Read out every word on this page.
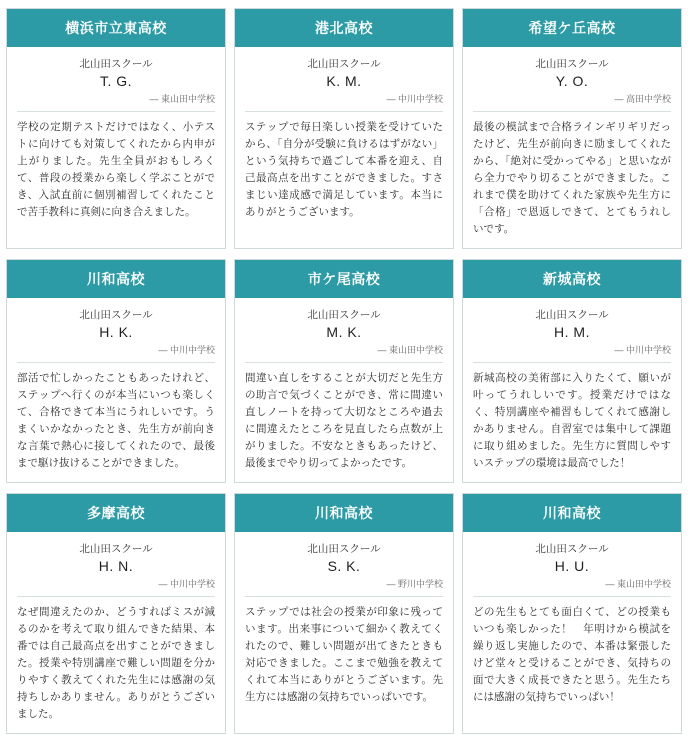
横浜市立東高校
北山田スクール
T. G.
— 東山田中学校
学校の定期テストだけではなく、小テストに向けても対策してくれたから内申が上がりました。先生全員がおもしろくて、普段の授業から楽しく学ぶことができ、入試直前に個別補習してくれたことで苦手教科に真剣に向き合えました。
港北高校
北山田スクール
K. M.
— 中川中学校
ステップで毎日楽しい授業を受けていたから、「自分が受験に負けるはずがない」という気持ちで過ごして本番を迎え、自己最高点を出すことができました。すさまじい達成感で満足しています。本当にありがとうございます。
希望ケ丘高校
北山田スクール
Y. O.
— 高田中学校
最後の模試まで合格ラインギリギリだったけど、先生が前向きに励ましてくれたから、「絶対に受かってやる」と思いながら全力でやり切ることができました。これまで僕を助けてくれた家族や先生方に「合格」で恩返しできて、とてもうれしいです。
川和高校
北山田スクール
H. K.
— 中川中学校
部活で忙しかったこともあったけれど、ステップへ行くのが本当にいつも楽しくて、合格できて本当にうれしいです。うまくいかなかったとき、先生方が前向きな言葉で熱心に接してくれたので、最後まで駆け抜けることができました。
市ケ尾高校
北山田スクール
M. K.
— 東山田中学校
間違い直しをすることが大切だと先生方の助言で気づくことができ、常に間違い直しノートを持って大切なところや過去に間違えたところを見直したら点数が上がりました。不安なときもあったけど、最後までやり切ってよかったです。
新城高校
北山田スクール
H. M.
— 中川中学校
新城高校の美術部に入りたくて、願いが叶ってうれしいです。授業だけではなく、特別講座や補習もしてくれて感謝しかありません。自習室では集中して課題に取り組めました。先生方に質問しやすいステップの環境は最高でした！
多摩高校
北山田スクール
H. N.
— 中川中学校
なぜ間違えたのか、どうすればミスが減るのかを考えて取り組んできた結果、本番では自己最高点を出すことができました。授業や特別講座で難しい問題を分かりやすく教えてくれた先生には感謝の気持ちしかありません。ありがとうございました。
川和高校
北山田スクール
S. K.
— 野川中学校
ステップでは社会の授業が印象に残っています。出来事について細かく教えてくれたので、難しい問題が出てきたときも対応できました。ここまで勉強を教えてくれて本当にありがとうございます。先生方には感謝の気持ちでいっぱいです。
川和高校
北山田スクール
H. U.
— 東山田中学校
どの先生もとても面白くて、どの授業もいつも楽しかった！　年明けから模試を繰り返し実施したので、本番は緊張したけど堂々と受けることができ、気持ちの面で大きく成長できたと思う。先生たちには感謝の気持ちでいっぱい！
